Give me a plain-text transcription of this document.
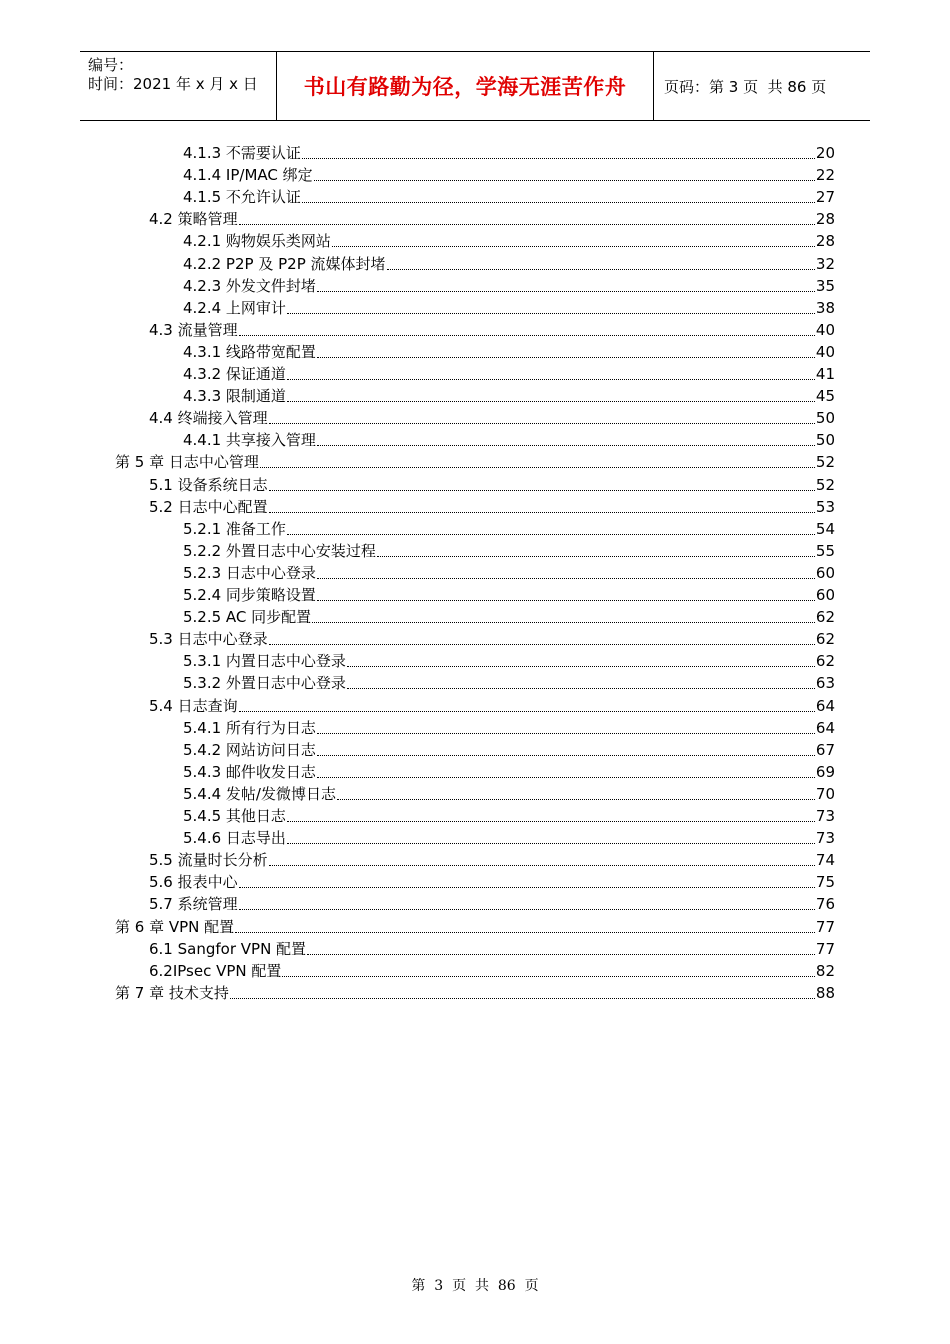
编号：
时间：2021 年 x 月 x 日	书山有路勤为径，学海无涯苦作舟	页码：第 3 页  共 86 页
4.1.3 不需要认证	20
4.1.4 IP/MAC 绑定	22
4.1.5 不允许认证	27
4.2 策略管理	28
4.2.1 购物娱乐类网站	28
4.2.2 P2P 及 P2P 流媒体封堵	32
4.2.3 外发文件封堵	35
4.2.4 上网审计	38
4.3 流量管理	40
4.3.1 线路带宽配置	40
4.3.2 保证通道	41
4.3.3 限制通道	45
4.4 终端接入管理	50
4.4.1 共享接入管理	50
第 5 章 日志中心管理	52
5.1 设备系统日志	52
5.2 日志中心配置	53
5.2.1 准备工作	54
5.2.2 外置日志中心安装过程	55
5.2.3 日志中心登录	60
5.2.4 同步策略设置	60
5.2.5 AC 同步配置	62
5.3 日志中心登录	62
5.3.1 内置日志中心登录	62
5.3.2 外置日志中心登录	63
5.4 日志查询	64
5.4.1 所有行为日志	64
5.4.2 网站访问日志	67
5.4.3 邮件收发日志	69
5.4.4 发帖/发微博日志	70
5.4.5 其他日志	73
5.4.6 日志导出	73
5.5 流量时长分析	74
5.6 报表中心	75
5.7 系统管理	76
第 6 章 VPN 配置	77
6.1 Sangfor VPN 配置	77
6.2IPsec VPN 配置	82
第 7 章 技术支持	88
第  3  页  共  86  页
